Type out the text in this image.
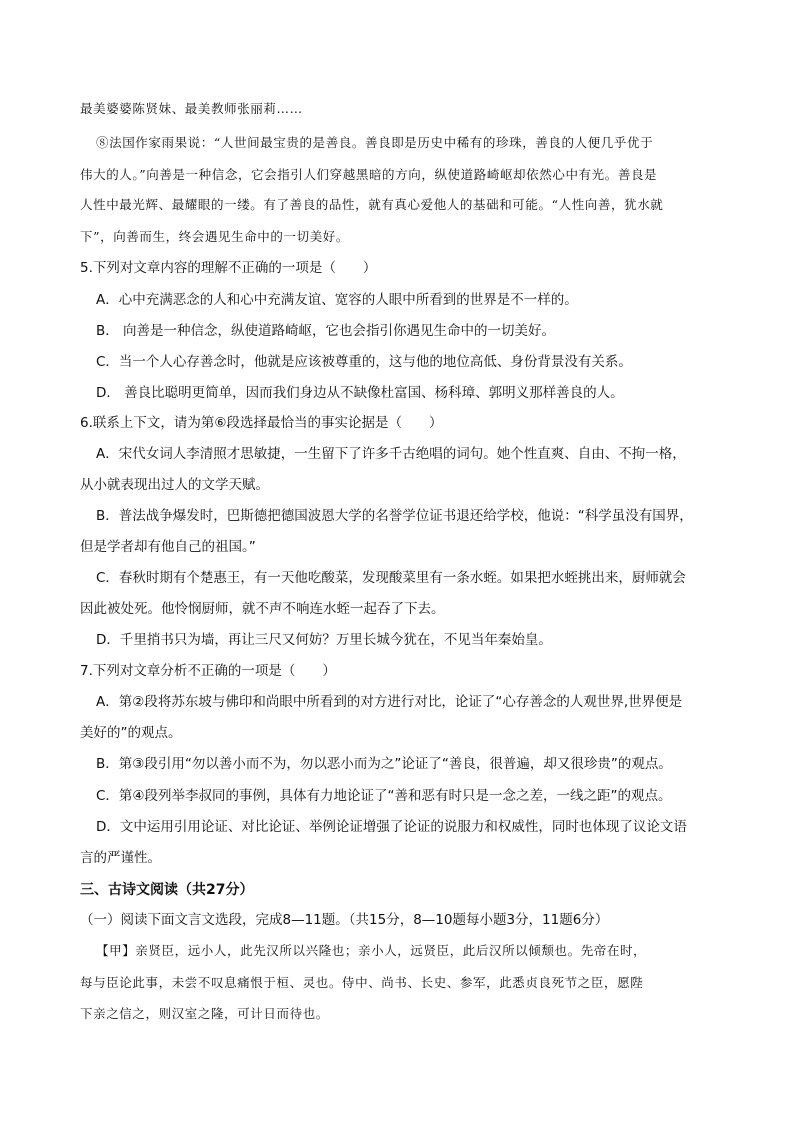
最美婆婆陈贤妹、最美教师张丽莉……
⑧法国作家雨果说：“人世间最宝贵的是善良。善良即是历史中稀有的珍珠，善良的人便几乎优于
伟大的人。”向善是一种信念，它会指引人们穿越黑暗的方向，纵使道路崎岖却依然心中有光。善良是
人性中最光辉、最耀眼的一缕。有了善良的品性，就有真心爱他人的基础和可能。“人性向善，犹水就
下”，向善而生，终会遇见生命中的一切美好。
5.下列对文章内容的理解不正确的一项是（　　）
A．心中充满恶念的人和心中充满友谊、宽容的人眼中所看到的世界是不一样的。
B． 向善是一种信念，纵使道路崎岖，它也会指引你遇见生命中的一切美好。
C．当一个人心存善念时，他就是应该被尊重的，这与他的地位高低、身份背景没有关系。
D． 善良比聪明更简单，因而我们身边从不缺像杜富国、杨科璋、郭明义那样善良的人。
6.联系上下文，请为第⑥段选择最恰当的事实论据是（　　）
A．宋代女词人李清照才思敏捷，一生留下了许多千古绝唱的词句。她个性直爽、自由、不拘一格，
从小就表现出过人的文学天赋。
B．普法战争爆发时，巴斯德把德国波恩大学的名誉学位证书退还给学校，他说：“科学虽没有国界，
但是学者却有他自己的祖国。”
C．春秋时期有个楚惠王，有一天他吃酸菜，发现酸菜里有一条水蛭。如果把水蛭挑出来，厨师就会
因此被处死。他怜悯厨师，就不声不响连水蛭一起吞了下去。
D．千里捎书只为墙，再让三尺又何妨？万里长城今犹在，不见当年秦始皇。
7.下列对文章分析不正确的一项是（　　）
A．第②段将苏东坡与佛印和尚眼中所看到的对方进行对比，论证了“心存善念的人观世界,世界便是
美好的”的观点。
B．第③段引用“勿以善小而不为，勿以恶小而为之”论证了“善良，很普遍，却又很珍贵”的观点。
C．第④段列举李叔同的事例，具体有力地论证了“善和恶有时只是一念之差，一线之距”的观点。
D．文中运用引用论证、对比论证、举例论证增强了论证的说服力和权威性，同时也体现了议论文语
言的严谨性。
三、古诗文阅读（共27分）
（一）阅读下面文言文选段，完成8—11题。（共15分，8—10题每小题3分，11题6分）
【甲】亲贤臣，远小人，此先汉所以兴隆也；亲小人，远贤臣，此后汉所以倾颓也。先帝在时，
每与臣论此事，未尝不叹息痛恨于桓、灵也。侍中、尚书、长史、参军，此悉贞良死节之臣，愿陛
下亲之信之，则汉室之隆，可计日而待也。
